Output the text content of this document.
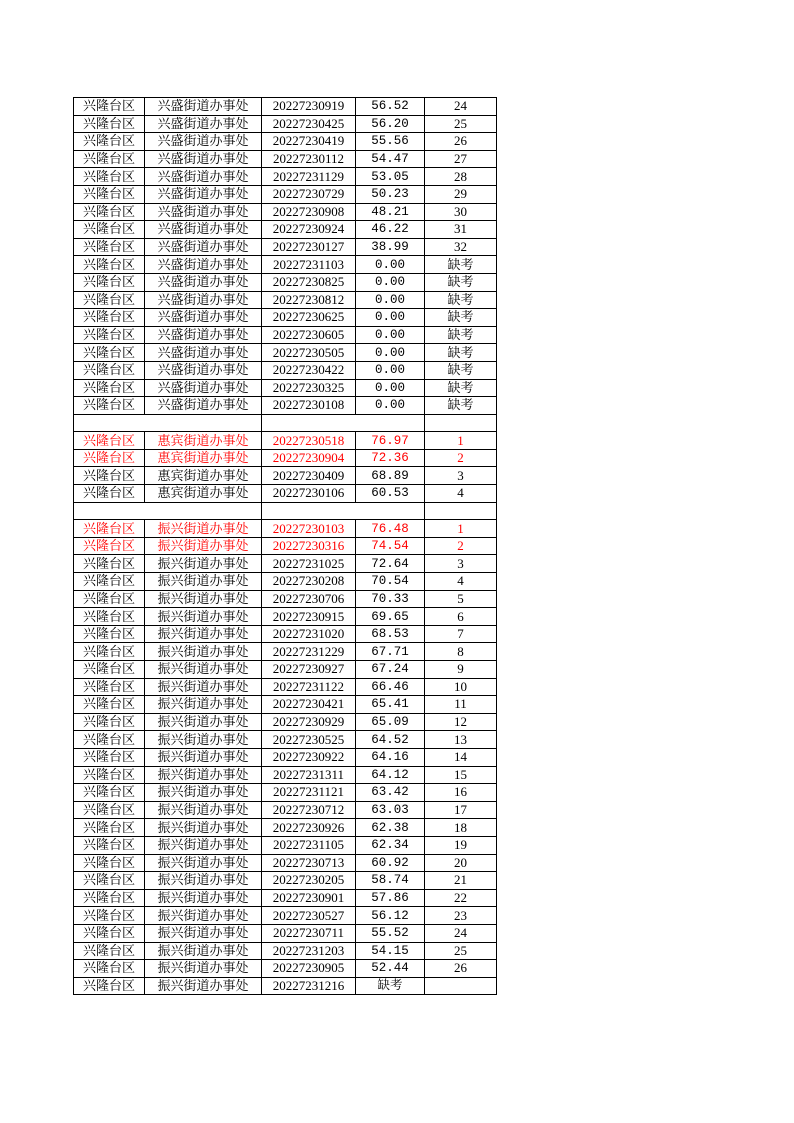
兴隆台区	兴盛街道办事处	20227230919	56.52	24
兴隆台区	兴盛街道办事处	20227230425	56.20	25
兴隆台区	兴盛街道办事处	20227230419	55.56	26
兴隆台区	兴盛街道办事处	20227230112	54.47	27
兴隆台区	兴盛街道办事处	20227231129	53.05	28
兴隆台区	兴盛街道办事处	20227230729	50.23	29
兴隆台区	兴盛街道办事处	20227230908	48.21	30
兴隆台区	兴盛街道办事处	20227230924	46.22	31
兴隆台区	兴盛街道办事处	20227230127	38.99	32
兴隆台区	兴盛街道办事处	20227231103	0.00	缺考
兴隆台区	兴盛街道办事处	20227230825	0.00	缺考
兴隆台区	兴盛街道办事处	20227230812	0.00	缺考
兴隆台区	兴盛街道办事处	20227230625	0.00	缺考
兴隆台区	兴盛街道办事处	20227230605	0.00	缺考
兴隆台区	兴盛街道办事处	20227230505	0.00	缺考
兴隆台区	兴盛街道办事处	20227230422	0.00	缺考
兴隆台区	兴盛街道办事处	20227230325	0.00	缺考
兴隆台区	兴盛街道办事处	20227230108	0.00	缺考

兴隆台区	惠宾街道办事处	20227230518	76.97	1
兴隆台区	惠宾街道办事处	20227230904	72.36	2
兴隆台区	惠宾街道办事处	20227230409	68.89	3
兴隆台区	惠宾街道办事处	20227230106	60.53	4

兴隆台区	振兴街道办事处	20227230103	76.48	1
兴隆台区	振兴街道办事处	20227230316	74.54	2
兴隆台区	振兴街道办事处	20227231025	72.64	3
兴隆台区	振兴街道办事处	20227230208	70.54	4
兴隆台区	振兴街道办事处	20227230706	70.33	5
兴隆台区	振兴街道办事处	20227230915	69.65	6
兴隆台区	振兴街道办事处	20227231020	68.53	7
兴隆台区	振兴街道办事处	20227231229	67.71	8
兴隆台区	振兴街道办事处	20227230927	67.24	9
兴隆台区	振兴街道办事处	20227231122	66.46	10
兴隆台区	振兴街道办事处	20227230421	65.41	11
兴隆台区	振兴街道办事处	20227230929	65.09	12
兴隆台区	振兴街道办事处	20227230525	64.52	13
兴隆台区	振兴街道办事处	20227230922	64.16	14
兴隆台区	振兴街道办事处	20227231311	64.12	15
兴隆台区	振兴街道办事处	20227231121	63.42	16
兴隆台区	振兴街道办事处	20227230712	63.03	17
兴隆台区	振兴街道办事处	20227230926	62.38	18
兴隆台区	振兴街道办事处	20227231105	62.34	19
兴隆台区	振兴街道办事处	20227230713	60.92	20
兴隆台区	振兴街道办事处	20227230205	58.74	21
兴隆台区	振兴街道办事处	20227230901	57.86	22
兴隆台区	振兴街道办事处	20227230527	56.12	23
兴隆台区	振兴街道办事处	20227230711	55.52	24
兴隆台区	振兴街道办事处	20227231203	54.15	25
兴隆台区	振兴街道办事处	20227230905	52.44	26
兴隆台区	振兴街道办事处	20227231216	缺考	
